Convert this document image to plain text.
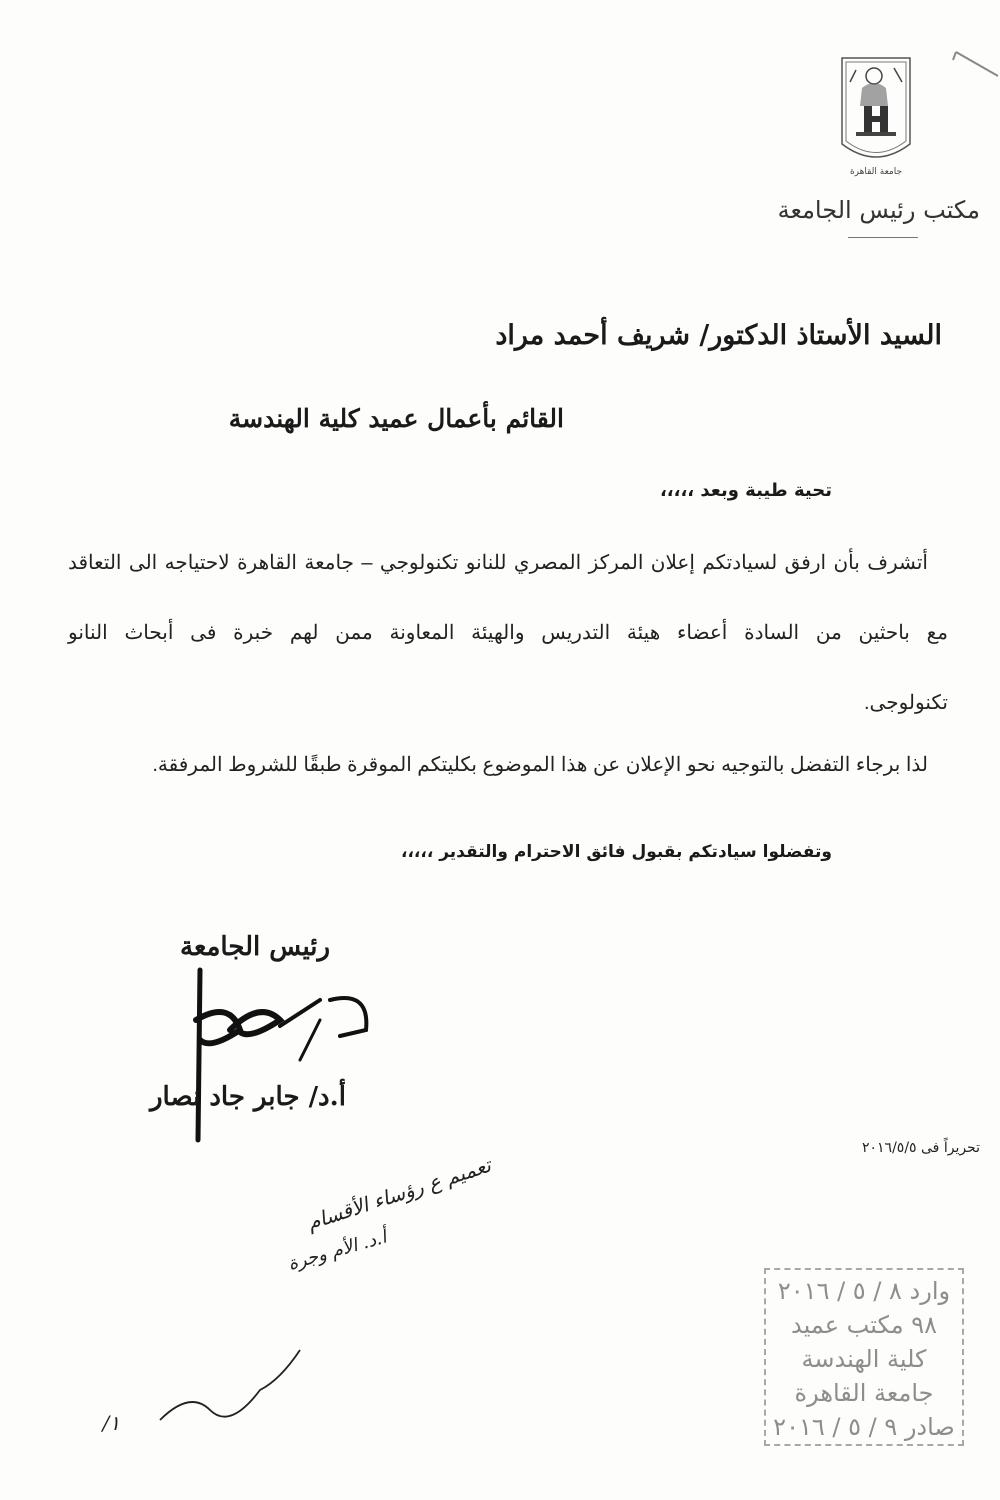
جامعة القاهرة
مكتب رئيس الجامعة
السيد الأستاذ الدكتور/ شريف أحمد مراد
القائم بأعمال عميد كلية الهندسة
تحية طيبة وبعد ،،،،،
أتشرف بأن ارفق لسيادتكم إعلان المركز المصري للنانو تكنولوجي – جامعة القاهرة لاحتياجه الى التعاقد
مع باحثين من السادة أعضاء هيئة التدريس والهيئة المعاونة ممن لهم خبرة فى أبحاث النانو
تكنولوجى.
لذا برجاء التفضل بالتوجيه نحو الإعلان عن هذا الموضوع بكليتكم الموقرة طبقًا للشروط المرفقة.
وتفضلوا سيادتكم بقبول فائق الاحترام والتقدير ،،،،،
رئيس الجامعة
أ.د/ جابر جاد نصار
تحريراً فى ٢٠١٦/٥/٥
تعميم ع رؤساء الأقسام
أ.د. الأم وجرة
١/
وارد ٨ / ٥ / ٢٠١٦
٩٨ مكتب عميد
كلية الهندسة
جامعة القاهرة
صادر ٩ / ٥ / ٢٠١٦
